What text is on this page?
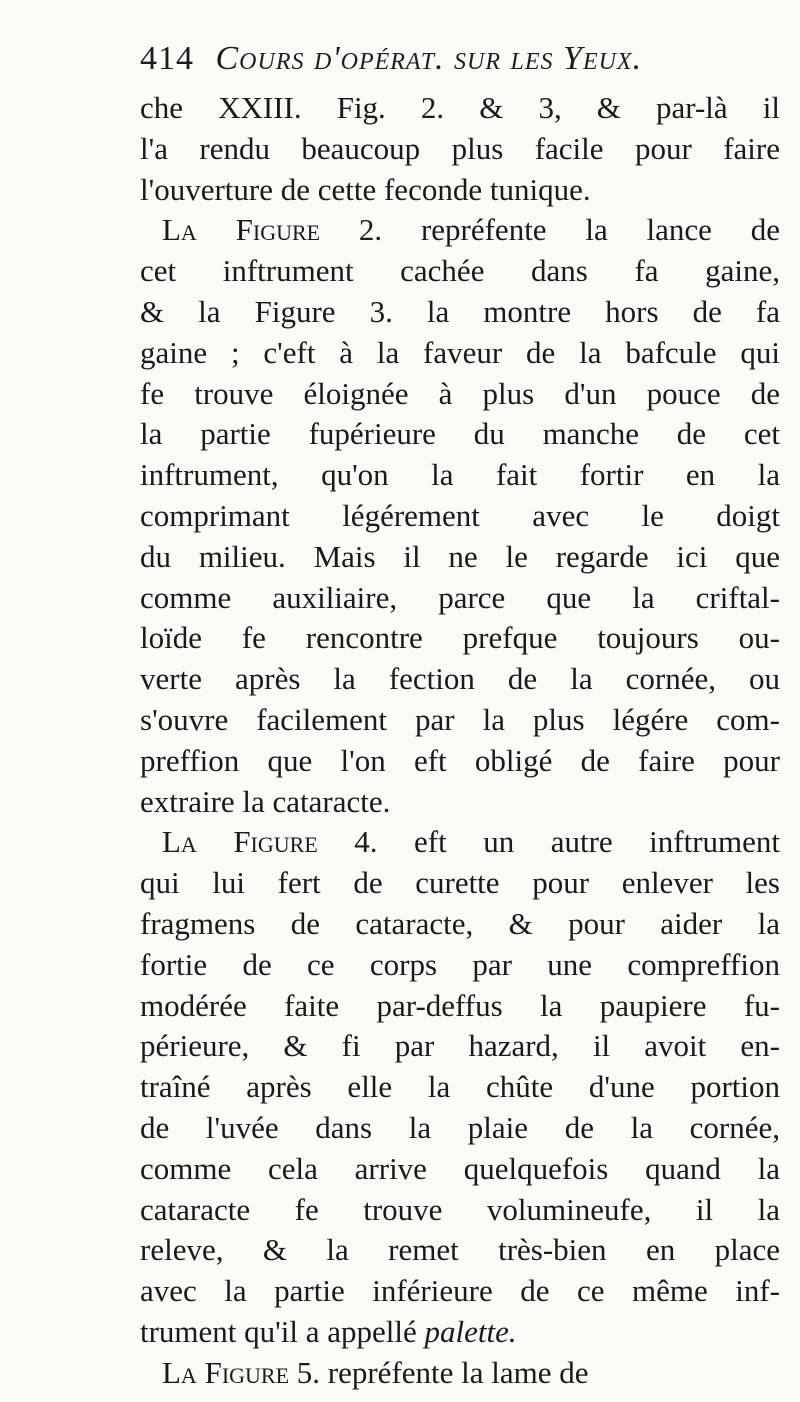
414 Cours d'opérat. sur les Yeux.
che XXIII. Fig. 2. & 3, & par-là il
l'a rendu beaucoup plus facile pour faire
l'ouverture de cette feconde tunique.
La Figure 2. repréfente la lance de
cet inftrument cachée dans fa gaine,
& la Figure 3. la montre hors de fa
gaine ; c'eft à la faveur de la bafcule qui
fe trouve éloignée à plus d'un pouce de
la partie fupérieure du manche de cet
inftrument, qu'on la fait fortir en la
comprimant légérement avec le doigt
du milieu. Mais il ne le regarde ici que
comme auxiliaire, parce que la criftal-
loïde fe rencontre prefque toujours ou-
verte après la fection de la cornée, ou
s'ouvre facilement par la plus légére com-
preffion que l'on eft obligé de faire pour
extraire la cataracte.
La Figure 4. eft un autre inftrument
qui lui fert de curette pour enlever les
fragmens de cataracte, & pour aider la
fortie de ce corps par une compreffion
modérée faite par-deffus la paupiere fu-
périeure, & fi par hazard, il avoit en-
traîné après elle la chûte d'une portion
de l'uvée dans la plaie de la cornée,
comme cela arrive quelquefois quand la
cataracte fe trouve volumineufe, il la
releve, & la remet très-bien en place
avec la partie inférieure de ce même inf-
trument qu'il a appellé palette.
La Figure 5. repréfente la lame de
